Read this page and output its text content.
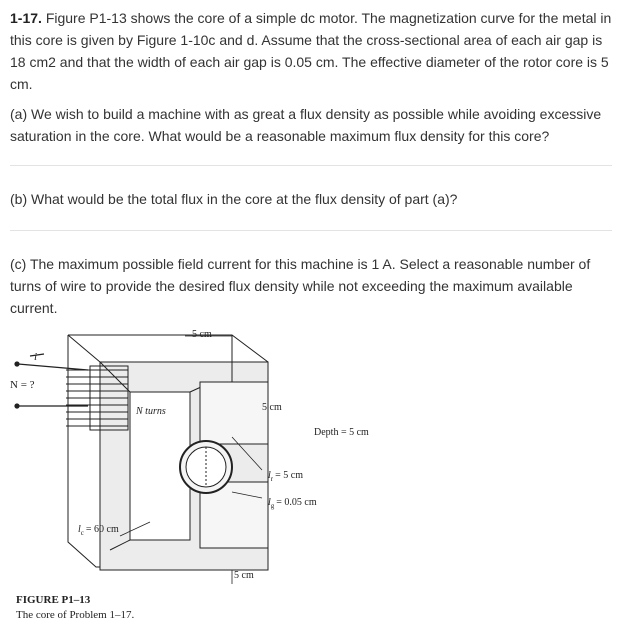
1-17. Figure P1-13 shows the core of a simple dc motor. The magnetization curve for the metal in this core is given by Figure 1-10c and d. Assume that the cross-sectional area of each air gap is 18 cm2 and that the width of each air gap is 0.05 cm. The effective diameter of the rotor core is 5 cm.

(a) We wish to build a machine with as great a flux density as possible while avoiding excessive saturation in the core. What would be a reasonable maximum flux density for this core?

(b) What would be the total flux in the core at the flux density of part (a)?

(c) The maximum possible field current for this machine is 1 A. Select a reasonable number of turns of wire to provide the desired flux density while not exceeding the maximum available current.

i
N = ?
N turns
5 cm
5 cm
Depth = 5 cm
$l_r = 5$ cm
$l_g = 0.05$ cm
$l_c = 60$ cm
5 cm

FIGURE P1–13

The core of Problem 1–17.
